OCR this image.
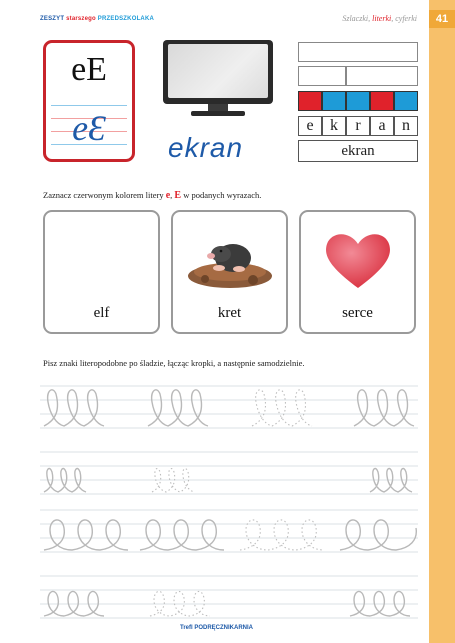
41
ZESZYT starszego PRZEDSZKOLAKA	Szlaczki, literki, cyferki
eE
eƐ	ekran
e	k	r	a	n
ekran
Zaznacz czerwonym kolorem litery e, E w podanych wyrazach.
elf	kret	serce
Pisz znaki literopodobne po śladzie, łącząc kropki, a następnie samodzielnie.
Trefl PODRĘCZNIKARNIA
